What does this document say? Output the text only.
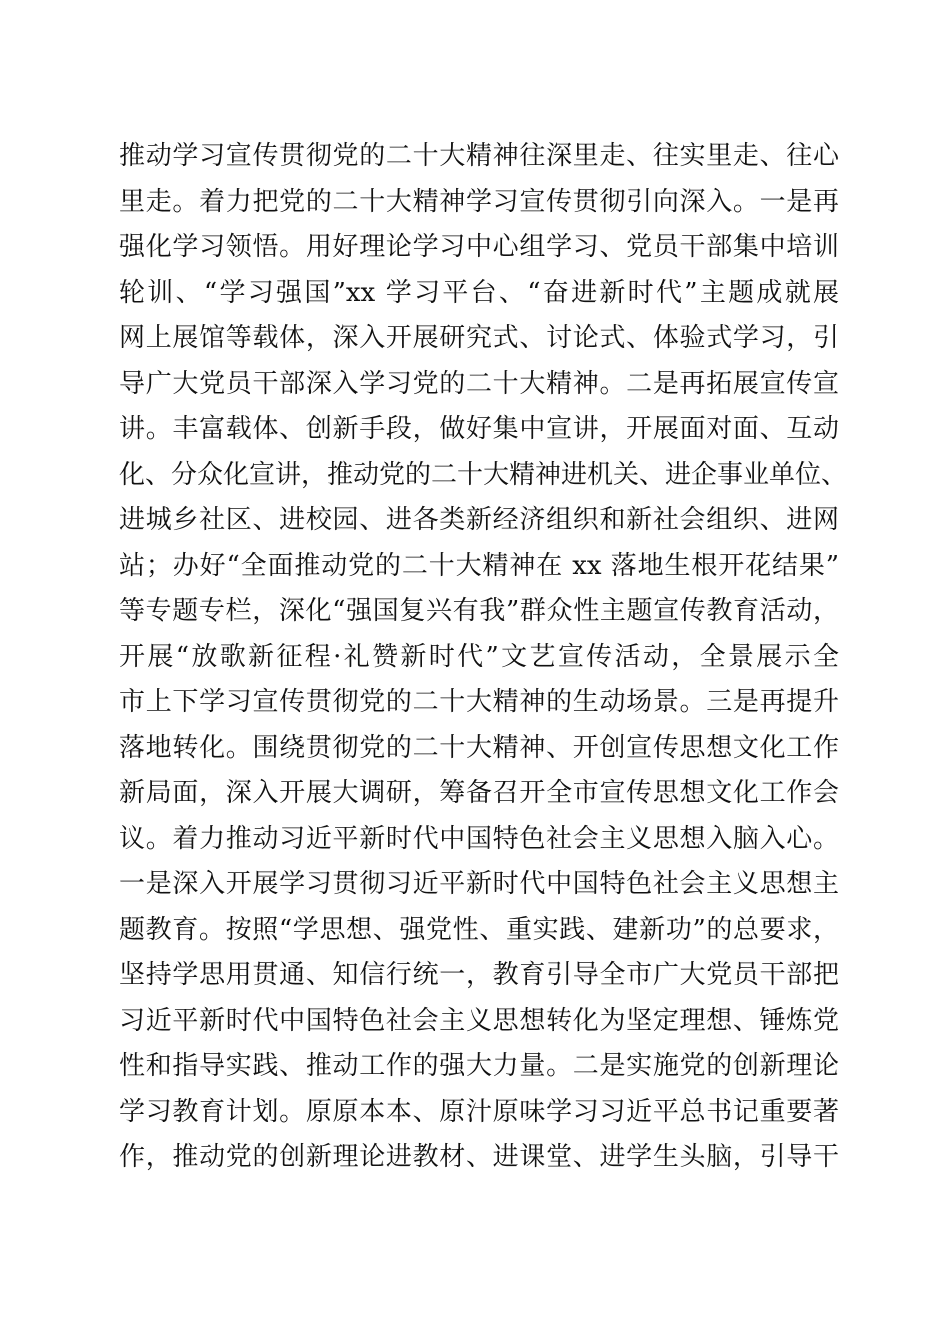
推动学习宣传贯彻党的二十大精神往深里走、往实里走、往心
里走。着力把党的二十大精神学习宣传贯彻引向深入。一是再
强化学习领悟。用好理论学习中心组学习、党员干部集中培训
轮训、“学习强国”xx 学习平台、“奋进新时代”主题成就展
网上展馆等载体，深入开展研究式、讨论式、体验式学习，引
导广大党员干部深入学习党的二十大精神。二是再拓展宣传宣
讲。丰富载体、创新手段，做好集中宣讲，开展面对面、互动
化、分众化宣讲，推动党的二十大精神进机关、进企事业单位、
进城乡社区、进校园、进各类新经济组织和新社会组织、进网
站；办好“全面推动党的二十大精神在 xx 落地生根开花结果”
等专题专栏，深化“强国复兴有我”群众性主题宣传教育活动，
开展“放歌新征程·礼赞新时代”文艺宣传活动，全景展示全
市上下学习宣传贯彻党的二十大精神的生动场景。三是再提升
落地转化。围绕贯彻党的二十大精神、开创宣传思想文化工作
新局面，深入开展大调研，筹备召开全市宣传思想文化工作会
议。着力推动习近平新时代中国特色社会主义思想入脑入心。
一是深入开展学习贯彻习近平新时代中国特色社会主义思想主
题教育。按照“学思想、强党性、重实践、建新功”的总要求，
坚持学思用贯通、知信行统一，教育引导全市广大党员干部把
习近平新时代中国特色社会主义思想转化为坚定理想、锤炼党
性和指导实践、推动工作的强大力量。二是实施党的创新理论
学习教育计划。原原本本、原汁原味学习习近平总书记重要著
作，推动党的创新理论进教材、进课堂、进学生头脑，引导干
